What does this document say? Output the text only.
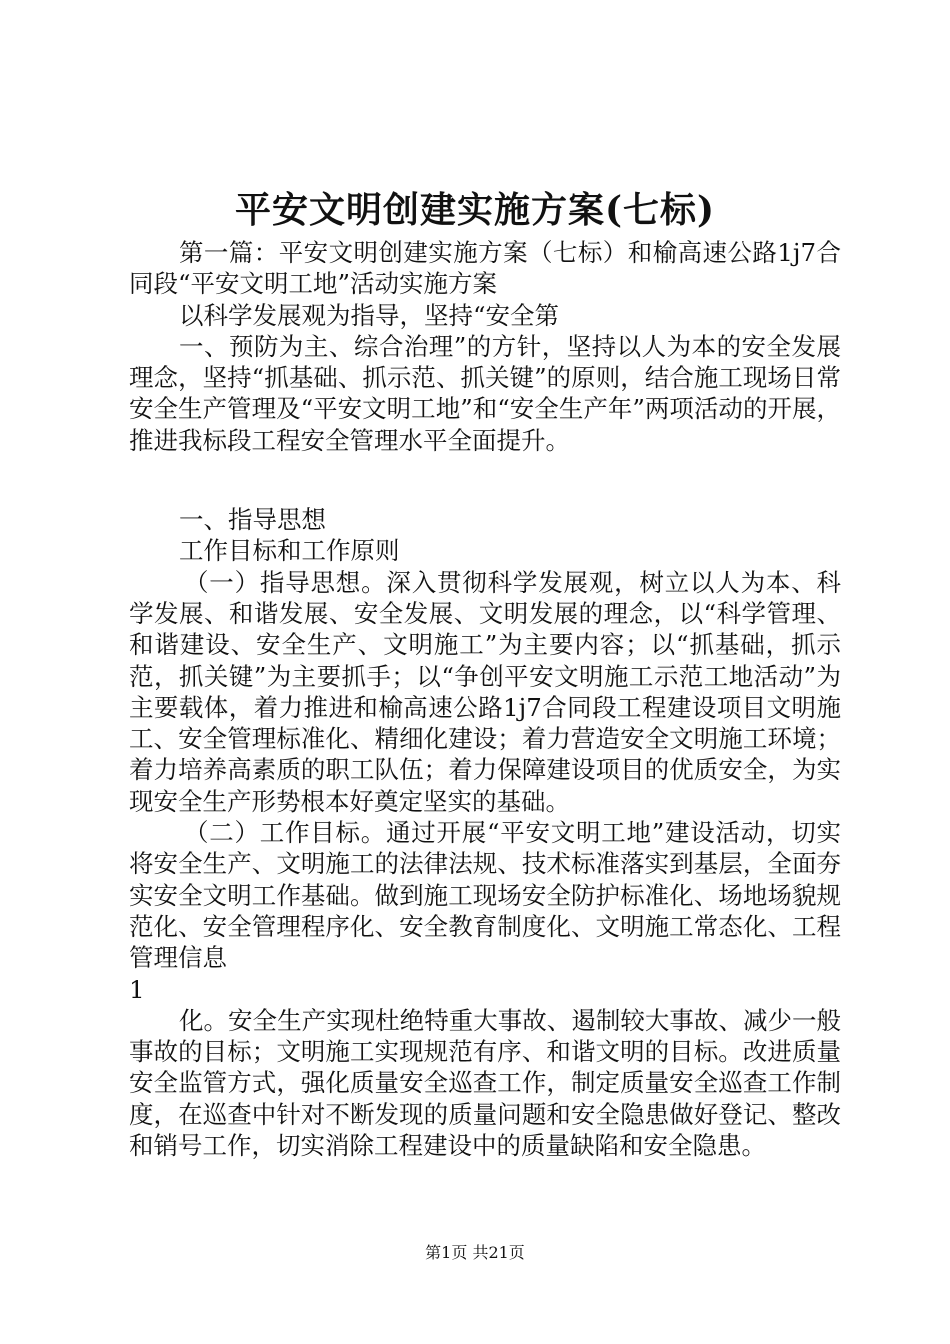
平安文明创建实施方案(七标)

第一篇：平安文明创建实施方案（七标）和榆高速公路1j7合同段“平安文明工地”活动实施方案

以科学发展观为指导，坚持“安全第

一、预防为主、综合治理”的方针，坚持以人为本的安全发展理念，坚持“抓基础、抓示范、抓关键”的原则，结合施工现场日常安全生产管理及“平安文明工地”和“安全生产年”两项活动的开展，推进我标段工程安全管理水平全面提升。

一、指导思想

工作目标和工作原则

（一）指导思想。深入贯彻科学发展观，树立以人为本、科学发展、和谐发展、安全发展、文明发展的理念，以“科学管理、和谐建设、安全生产、文明施工”为主要内容；以“抓基础，抓示范，抓关键”为主要抓手；以“争创平安文明施工示范工地活动”为主要载体，着力推进和榆高速公路1j7合同段工程建设项目文明施工、安全管理标准化、精细化建设；着力营造安全文明施工环境；着力培养高素质的职工队伍；着力保障建设项目的优质安全，为实现安全生产形势根本好奠定坚实的基础。

（二）工作目标。通过开展“平安文明工地”建设活动，切实将安全生产、文明施工的法律法规、技术标准落实到基层，全面夯实安全文明工作基础。做到施工现场安全防护标准化、场地场貌规范化、安全管理程序化、安全教育制度化、文明施工常态化、工程管理信息

1

化。安全生产实现杜绝特重大事故、遏制较大事故、减少一般事故的目标；文明施工实现规范有序、和谐文明的目标。改进质量安全监管方式，强化质量安全巡查工作，制定质量安全巡查工作制度，在巡查中针对不断发现的质量问题和安全隐患做好登记、整改和销号工作，切实消除工程建设中的质量缺陷和安全隐患。

第1页 共21页
